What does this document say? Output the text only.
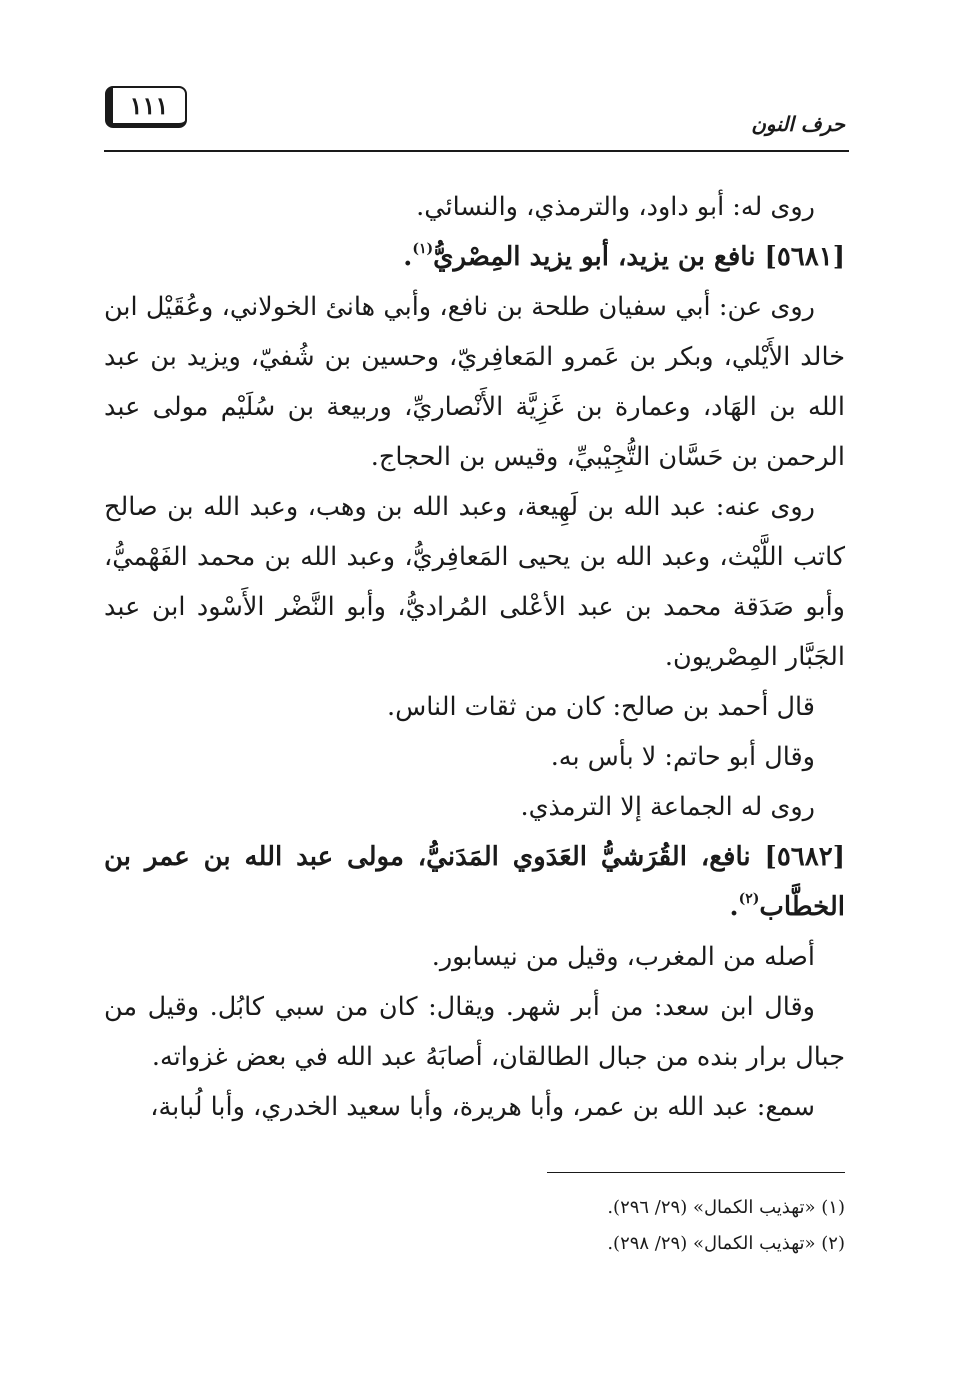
حرف النون
١١١

روى له: أبو داود، والترمذي، والنسائي.

[٥٦٨١] نافع بن يزيد، أبو يزيد المِصْريُّ$^{(١)}$.

روى عن: أبي سفيان طلحة بن نافع، وأبي هانئ الخولاني، وعُقَيْل ابن خالد الأَيْلي، وبكر بن عَمرو المَعافِريّ، وحسين بن شُفيّ، ويزيد بن عبد الله بن الهَاد، وعمارة بن غَزِيَّة الأَنْصاريِّ، وربيعة بن سُلَيْم مولى عبد الرحمن بن حَسَّان التُّجِيْبيِّ، وقيس بن الحجاج.

روى عنه: عبد الله بن لَهِيعة، وعبد الله بن وهب، وعبد الله بن صالح كاتب اللَّيْث، وعبد الله بن يحيى المَعافِريُّ، وعبد الله بن محمد الفَهْميُّ، وأبو صَدَقة محمد بن عبد الأعْلى المُراديُّ، وأبو النَّضْر الأَسْود ابن عبد الجَبَّار المِصْريون.

قال أحمد بن صالح: كان من ثقات الناس.

وقال أبو حاتم: لا بأس به.

روى له الجماعة إلا الترمذي.

[٥٦٨٢] نافع، القُرَشيُّ العَدَوي المَدَنيُّ، مولى عبد الله بن عمر بن الخطَّاب$^{(٢)}$.

أصله من المغرب، وقيل من نيسابور.

وقال ابن سعد: من أبر شهر. ويقال: كان من سبي كابُل. وقيل من جبال برار بنده من جبال الطالقان، أصابَهُ عبد الله في بعض غزواته.

سمع: عبد الله بن عمر، وأبا هريرة، وأبا سعيد الخدري، وأبا لُبابة،

(١) «تهذيب الكمال» (٢٩/ ٢٩٦).

(٢) «تهذيب الكمال» (٢٩/ ٢٩٨).
